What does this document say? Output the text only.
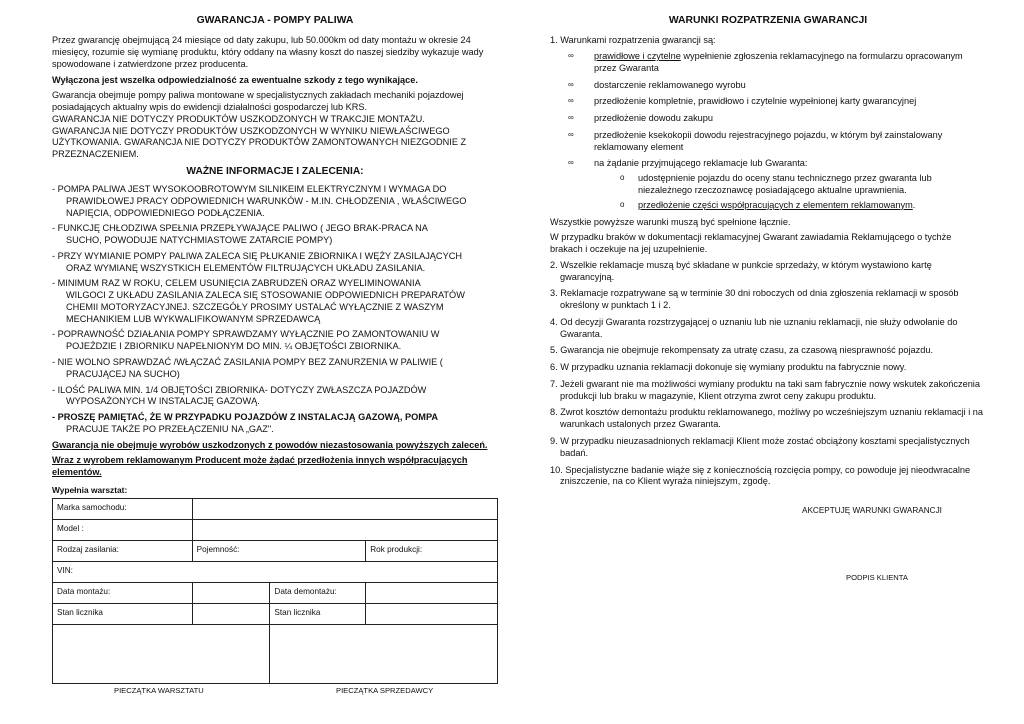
GWARANCJA - POMPY PALIWA

Przez gwarancję obejmującą 24 miesiące od daty zakupu, lub 50.000km od daty montażu w okresie 24 miesięcy, rozumie się wymianę produktu, który oddany na własny koszt do naszej siedziby wykazuje wady spowodowane i zatwierdzone przez producenta.

Wyłączona jest wszelka odpowiedzialność za ewentualne szkody z tego wynikające.

Gwarancja obejmuje pompy paliwa montowane w specjalistycznych zakładach mechaniki pojazdowej posiadających aktualny wpis do ewidencji działalności gospodarczej lub KRS.

GWARANCJA NIE DOTYCZY PRODUKTÓW USZKODZONYCH W TRAKCJIE MONTAŻU.

GWARANCJA NIE DOTYCZY PRODUKTÓW USZKODZONYCH W WYNIKU NIEWŁAŚCIWEGO UŻYTKOWANIA. GWARANCJA NIE DOTYCZY PRODUKTÓW ZAMONTOWANYCH NIEZGODNIE Z PRZEZNACZENIEM.

WAŻNE INFORMACJE I ZALECENIA:

- POMPA PALIWA JEST WYSOKOOBROTOWYM SILNIKEIM ELEKTRYCZNYM I WYMAGA DO
PRAWIDŁOWEJ PRACY ODPOWIEDNICH WARUNKÓW - M.IN. CHŁODZENIA , WŁAŚCIWEGO NAPIĘCIA, ODPOWIEDNIEGO PODŁĄCZENIA.

- FUNKCJĘ CHŁODZIWA SPEŁNIA PRZEPŁYWAJĄCE PALIWO ( JEGO BRAK-PRACA NA
SUCHO, POWODUJE NATYCHMIASTOWE ZATARCIE POMPY)

- PRZY WYMIANIE POMPY PALIWA ZALECA SIĘ PŁUKANIE ZBIORNIKA I WĘŻY ZASILAJĄCYCH
ORAZ WYMIANĘ WSZYSTKICH ELEMENTÓW FILTRUJĄCYCH UKŁADU ZASILANIA.

- MINIMUM RAZ W ROKU, CELEM USUNIĘCIA ZABRUDZEŃ ORAZ WYELIMINOWANIA
WILGOCI Z UKŁADU ZASILANIA ZALECA SIĘ STOSOWANIE ODPOWIEDNICH PREPARATÓW CHEMII MOTORYZACYJNEJ. SZCZEGÓŁY PROSIMY USTALAĆ WYŁĄCZNIE Z WASZYM MECHANIKIEM LUB WYKWALIFIKOWANYM SPRZEDAWCĄ

- POPRAWNOŚĆ DZIAŁANIA POMPY SPRAWDZAMY WYŁĄCZNIE PO ZAMONTOWANIU W
POJEŹDZIE I ZBIORNIKU NAPEŁNIONYM DO MIN. ¼ OBJĘTOŚCI ZBIORNIKA.

- NIE WOLNO SPRAWDZAĆ /WŁĄCZAĆ ZASILANIA POMPY BEZ ZANURZENIA W PALIWIE (
PRACUJĄCEJ NA SUCHO)

- ILOŚĆ PALIWA MIN. 1/4 OBJĘTOŚCI ZBIORNIKA- DOTYCZY ZWŁASZCZA POJAZDÓW
WYPOSAŻONYCH W INSTALACJĘ GAZOWĄ.

- PROSZĘ PAMIĘTAĆ, ŻE W PRZYPADKU POJAZDÓW Z INSTALACJĄ GAZOWĄ, POMPA
PRACUJE TAKŻE PO PRZEŁĄCZENIU NA „GAZ".

Gwarancja nie obejmuje wyrobów uszkodzonych z powodów niezastosowania powyższych zaleceń.

Wraz z wyrobem reklamowanym Producent może żądać przedłożenia innych współpracujących elementów.

Wypełnia warsztat:
Marka samochodu:			
Model :			
Rodzaj zasilania:	Pojemność:		Rok produkcji:
VIN:			
Data montażu:		Data demontażu:	
Stan licznika		Stan licznika	

PIECZĄTKA WARSZTATU	PIECZĄTKA SPRZEDAWCY
WARUNKI ROZPATRZENIA GWARANCJI

1. Warunkami rozpatrzenia gwarancji są:

∞ prawidłowe i czytelne wypełnienie zgłoszenia reklamacyjnego na formularzu opracowanym przez Gwaranta
∞ dostarczenie reklamowanego wyrobu
∞ przedłożenie kompletnie, prawidłowo i czytelnie wypełnionej karty gwarancyjnej
∞ przedłożenie dowodu zakupu
∞ przedłożenie ksekokopii dowodu rejestracyjnego pojazdu, w którym był zainstalowany reklamowany element
∞ na żądanie przyjmującego reklamacje lub Gwaranta:
o udostępnienie pojazdu do oceny stanu technicznego przez gwaranta lub niezależnego rzeczoznawcę posiadającego aktualne uprawnienia.
o przedłożenie części współpracujących z elementem reklamowanym.

Wszystkie powyższe warunki muszą być spełnione łącznie.

W przypadku braków w dokumentacji reklamacyjnej Gwarant zawiadamia Reklamującego o tychże brakach i oczekuje na jej uzupełnienie.

2. Wszelkie reklamacje muszą być składane w punkcie sprzedaży, w którym wystawiono kartę gwarancyjną.

3. Reklamacje rozpatrywane są w terminie 30 dni roboczych od dnia zgłoszenia reklamacji w sposób określony w punktach 1 i 2.

4. Od decyzji Gwaranta rozstrzygającej o uznaniu lub nie uznaniu reklamacji, nie służy odwołanie do Gwaranta.

5. Gwarancja nie obejmuje rekompensaty za utratę czasu, za czasową niesprawność pojazdu.

6. W przypadku uznania reklamacji dokonuje się wymiany produktu na fabrycznie nowy.

7. Jeżeli gwarant nie ma możliwości wymiany produktu na taki sam fabrycznie nowy wskutek zakończenia produkcji lub braku w magazynie, Klient otrzyma zwrot ceny zakupu produktu.

8. Zwrot kosztów demontażu produktu reklamowanego, możliwy po wcześniejszym uznaniu reklamacji i na warunkach ustalonych przez Gwaranta.

9. W przypadku nieuzasadnionych reklamacji Klient może zostać obciążony kosztami specjalistycznych badań.

10. Specjalistyczne badanie wiąże się z koniecznością rozcięcia pompy, co powoduje jej nieodwracalne zniszczenie, na co Klient wyraża niniejszym, zgodę.

AKCEPTUJĘ WARUNKI GWARANCJI
PODPIS KLIENTA
